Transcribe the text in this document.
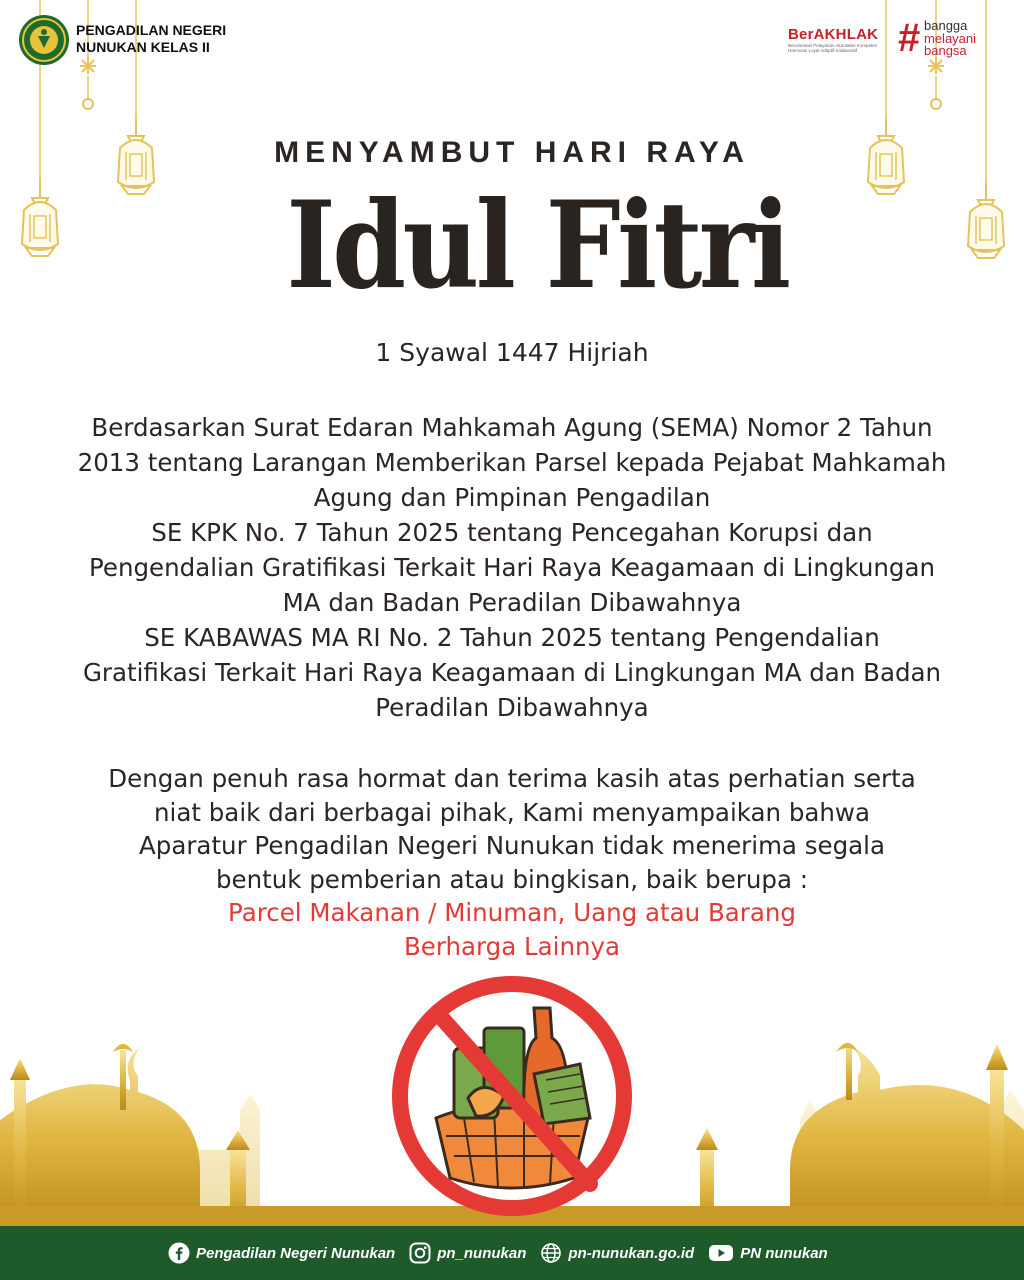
PENGADILAN NEGERI
NUNUKAN KELAS II
BerAKHLAK
Berorientasi Pelayanan Akuntabel Kompeten Harmonis Loyal Adaptif Kolaboratif	# bangga
melayani
bangsa
MENYAMBUT HARI RAYA
Idul Fitri
1 Syawal 1447 Hijriah

Berdasarkan Surat Edaran Mahkamah Agung (SEMA) Nomor 2 Tahun

2013 tentang Larangan Memberikan Parsel kepada Pejabat Mahkamah

Agung dan Pimpinan Pengadilan

SE KPK No. 7 Tahun 2025 tentang Pencegahan Korupsi dan

Pengendalian Gratifikasi Terkait Hari Raya Keagamaan di Lingkungan

MA dan Badan Peradilan Dibawahnya

SE KABAWAS MA RI No. 2 Tahun 2025 tentang Pengendalian

Gratifikasi Terkait Hari Raya Keagamaan di Lingkungan MA dan Badan

Peradilan Dibawahnya

Dengan penuh rasa hormat dan terima kasih atas perhatian serta

niat baik dari berbagai pihak, Kami menyampaikan bahwa

Aparatur Pengadilan Negeri Nunukan tidak menerima segala

bentuk pemberian atau bingkisan, baik berupa :

Parcel Makanan / Minuman, Uang atau Barang

Berharga Lainnya

Pengadilan Negeri Nunukan	pn_nunukan	pn-nunukan.go.id	PN nunukan
